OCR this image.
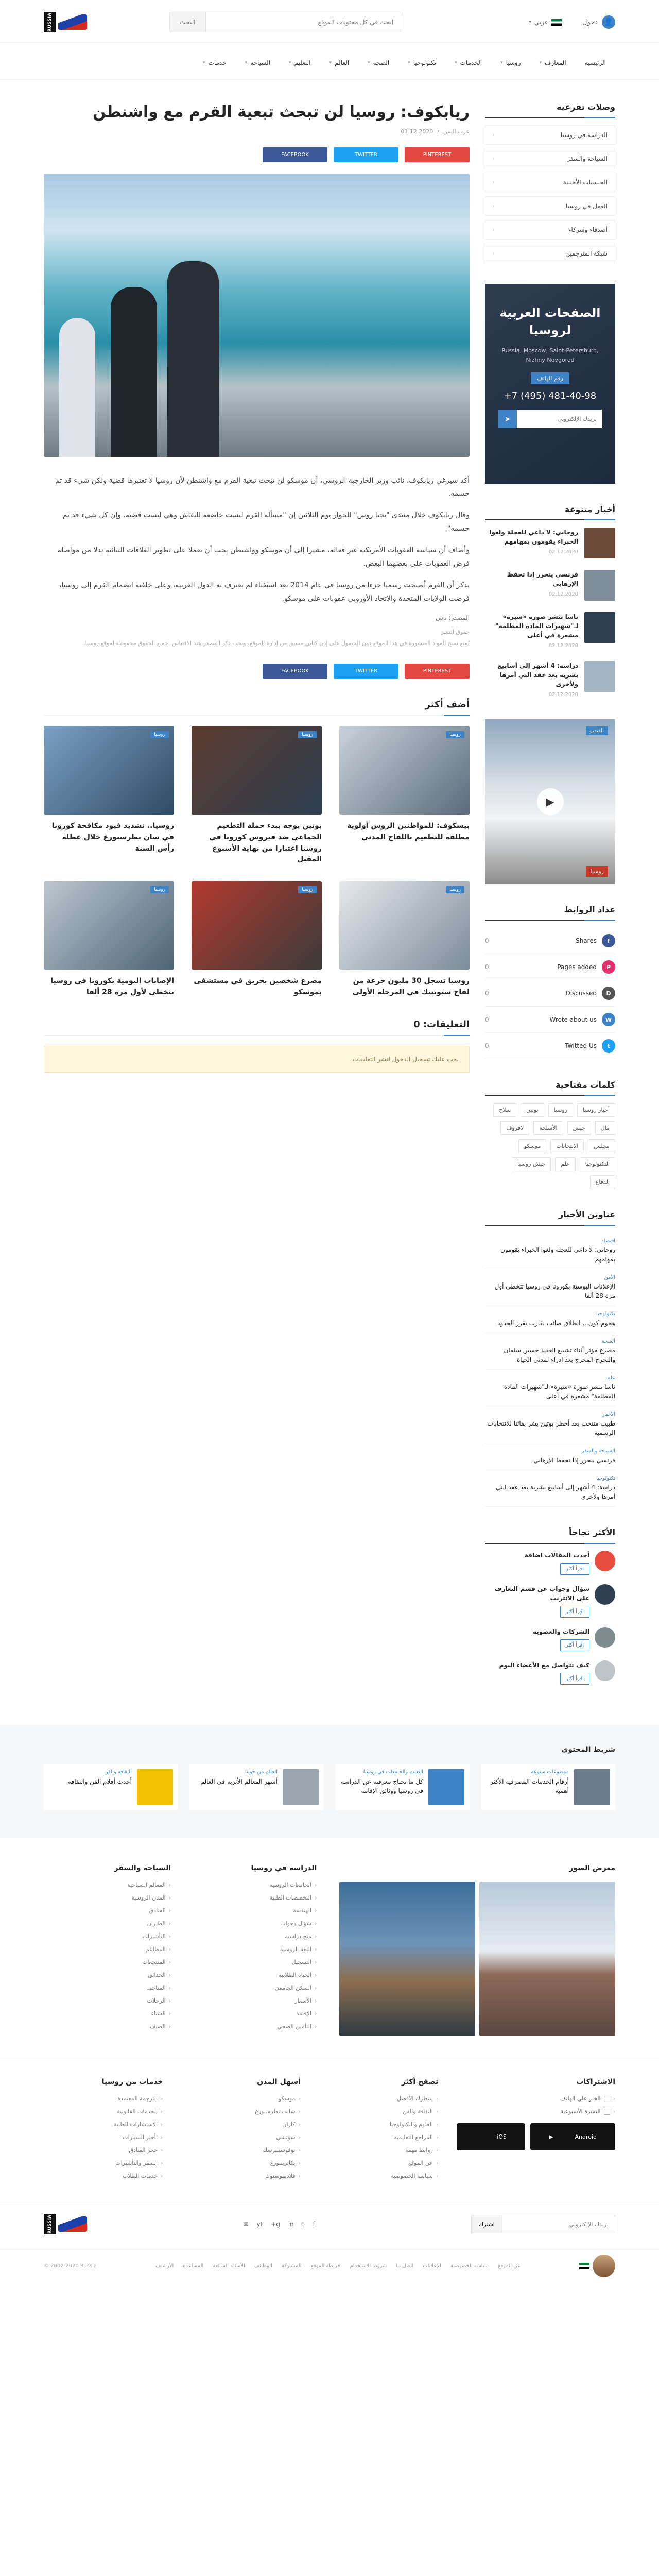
👤
دخول
عربي
▾
ابحث في كل محتويات الموقع
البحث
RUSSIA
الرئيسية
المعارف
▾
روسيا
▾
الخدمات
▾
تكنولوجيا
▾
الصحة
▾
العالم
▾
التعليم
▾
السياحة
▾
خدمات
▾
وصلات تفرعيه
الدراسة في روسيا
‹
السياحة والسفر
‹
الجنسيات الأجنبية
‹
العمل في روسيا
‹
أصدقاء وشركاء
‹
شبكة المترجمين
‹
الصفحات العربية لروسيا
Russia, Moscow, Saint-Petersburg, Nizhny Novgorod
رقم الهاتف
+7 (495) 481-40-98
بريدك الإلكتروني
➤
أخبار متنوعة
روحاني: لا داعي للعجلة ولغوا الخبراء يقومون بمهامهم
02.12.2020
فرنسي ينحرر إذا تحفظ الإرهابي
02.12.2020
ناسا تنشر صورة «سيرة» لـ"شهيرات المادة المظلمة" مشعرة في أعلى
02.12.2020
دراسة: 4 أشهر إلى أسابيع بشرية بعد عقد التي أمرها ولأخرى
02.12.2020
الفيديو
▶
روسيا
عداد الروابط
f
Shares
0
P
Pages added
0
D
Discussed
0
W
Wrote about us
0
t
Twitted Us
0
كلمات مفتاحية
أخبار روسيا
روسيا
بوتين
سلاح
مال
جيش
الأسلحة
لافروف
مجلس
الانتخابات
موسكو
التكنولوجيا
علم
جيش روسيا
الدفاع
عناوين الأخبار
اقتصاد
روحاني: لا داعي للعجلة ولغوا الخبراء يقومون بمهامهم
الأمن
الإعلانات البوسية بكورونا في روسيا تتخطى أول مرة 28 ألفا
تكنولوجيا
هجوم كون... انطلاق صائب بقارب بفرز الحدود
الصحة
مصرع مؤثر أثناء تشييع العقيد حسين سلمان والتحرج المحرج بعد ادراء لمدنى الحياة
علم
ناسا تنشر صورة «سيرة» لـ"شهيرات المادة المظلمة" مشعرة في أعلى
الأخبار
طبيب منتخب بعد أخطر بوتين بشر بقائنا للانتخابات الرسمية
السياحة والسفر
فرنسي ينحرر إذا تحفظ الإرهابي
تكنولوجيا
دراسة: 4 أشهر إلى أسابيع بشرية بعد عقد التي أمرها ولأخرى
الأكثر نجاحاً
أحدث المقالات اضافة
اقرأ أكثر
سؤال وجواب عن قسم التعارف على الانترنت
اقرأ أكثر
الشركات والعضوية
اقرأ أكثر
كيف تتواصل مع الأعضاء اليوم
اقرأ أكثر
ريابكوف: روسيا لن تبحث تبعية القرم مع واشنطن
عرب اليمن
/
01.12.2020
PINTEREST
TWITTER
FACEBOOK

أكد سيرغي ريابكوف، نائب وزير الخارجية الروسي، أن موسكو لن تبحث تبعية القرم مع واشنطن لأن روسيا لا تعتبرها قضية ولكن شيء قد تم حسمه.

وقال ريابكوف خلال منتدى "تحيا روس" للحوار يوم الثلاثين إن "مسألة القرم ليست خاضعة للنقاش وهي ليست قضية، وإن كل شيء قد تم حسمه".

وأضاف أن سياسة العقوبات الأمريكية غير فعالة، مشيرا إلى أن موسكو وواشنطن يجب أن تعملا على تطوير العلاقات الثنائية بدلا من مواصلة فرض العقوبات على بعضهما البعض.

يذكر أن القرم أصبحت رسميا جزءا من روسيا في عام 2014 بعد استفتاء لم تعترف به الدول الغربية، وعلى خلفية انضمام القرم إلى روسيا، فرضت الولايات المتحدة والاتحاد الأوروبي عقوبات على موسكو.

المصدر: تاس
حقوق النشر
يُمنع نسخ المواد المنشورة في هذا الموقع دون الحصول على إذن كتابي مسبق من إدارة الموقع، ويجب ذكر المصدر عند الاقتباس. جميع الحقوق محفوظة لموقع روسيا.
PINTEREST
TWITTER
FACEBOOK
أضف أكثر
روسيا
بيسكوف: للمواطنين الروس أولوية مطلقة للتطعيم باللقاح المدني
روسيا
بوتين يوجه ببدء حملة التطعيم الجماعي ضد فيروس كورونا في روسيا اعتبارا من نهاية الأسبوع المقبل
روسيا
روسيا.. تشديد قيود مكافحة كورونا في سان بطرسبورغ خلال عطلة رأس السنة
روسيا
روسيا تسجل 30 مليون جرعة من لقاح سبوتنيك في المرحلة الأولى
روسيا
مصرع شخصين بحريق في مستشفى بموسكو
روسيا
الإصابات اليومية بكورونا في روسيا تتخطى لأول مرة 28 ألفا
التعليقات: 0
يجب عليك تسجيل الدخول لنشر التعليقات
شريط المحتوى
موضوعات متنوعة
أرقام الخدمات المصرفية الأكثر أهمية
التعليم والجامعات في روسيا
كل ما تحتاج معرفته عن الدراسة في روسيا ووثائق الإقامة
العالم من حولنا
أشهر المعالم الأثرية في العالم
الثقافة والفن
أحدث أفلام الفن والثقافة
معرض الصور
الدراسة في روسيا
‹ الجامعات الروسية
‹ التخصصات الطبية
‹ الهندسة
‹ سؤال وجواب
‹ منح دراسية
‹ اللغة الروسية
‹ التسجيل
‹ الحياة الطلابية
‹ السكن الجامعي
‹ الأسعار
‹ الإقامة
‹ التأمين الصحي
السياحة والسفر
‹ المعالم السياحية
‹ المدن الروسية
‹ الفنادق
‹ الطيران
‹ التأشيرات
‹ المطاعم
‹ المنتجعات
‹ الحدائق
‹ المتاحف
‹ الرحلات
‹ الشتاء
‹ الصيف
الاشتراكات
‹ الخبر على الهاتف
‹ النشرة الأسبوعية
▶	Android
iOS
تصفح أكثر
‹ ينتظرك الأفضل
‹ الثقافة والفن
‹ العلوم والتكنولوجيا
‹ المراجع التعليمية
‹ روابط مهمة
‹ عن الموقع
‹ سياسة الخصوصية
أسهل المدن
‹ موسكو
‹ سانت بطرسبورغ
‹ كازان
‹ سوتشي
‹ نوفوسيبيرسك
‹ يكاترينبورغ
‹ فلاديفوستوك
خدمات من روسيا
‹ الترجمة المعتمدة
‹ الخدمات القانونية
‹ الاستشارات الطبية
‹ تأجير السيارات
‹ حجز الفنادق
‹ السفر والتأشيرات
‹ خدمات الطلاب
بريدك الإلكتروني
اشترك
f
t
in
g+
yt
✉
RUSSIA
عن الموقع
سياسة الخصوصية
الإعلانات
اتصل بنا
شروط الاستخدام
خريطة الموقع
المشاركة
الوظائف
الأسئلة الشائعة
المساعدة
الأرشيف
© 2002-2020 Russia
